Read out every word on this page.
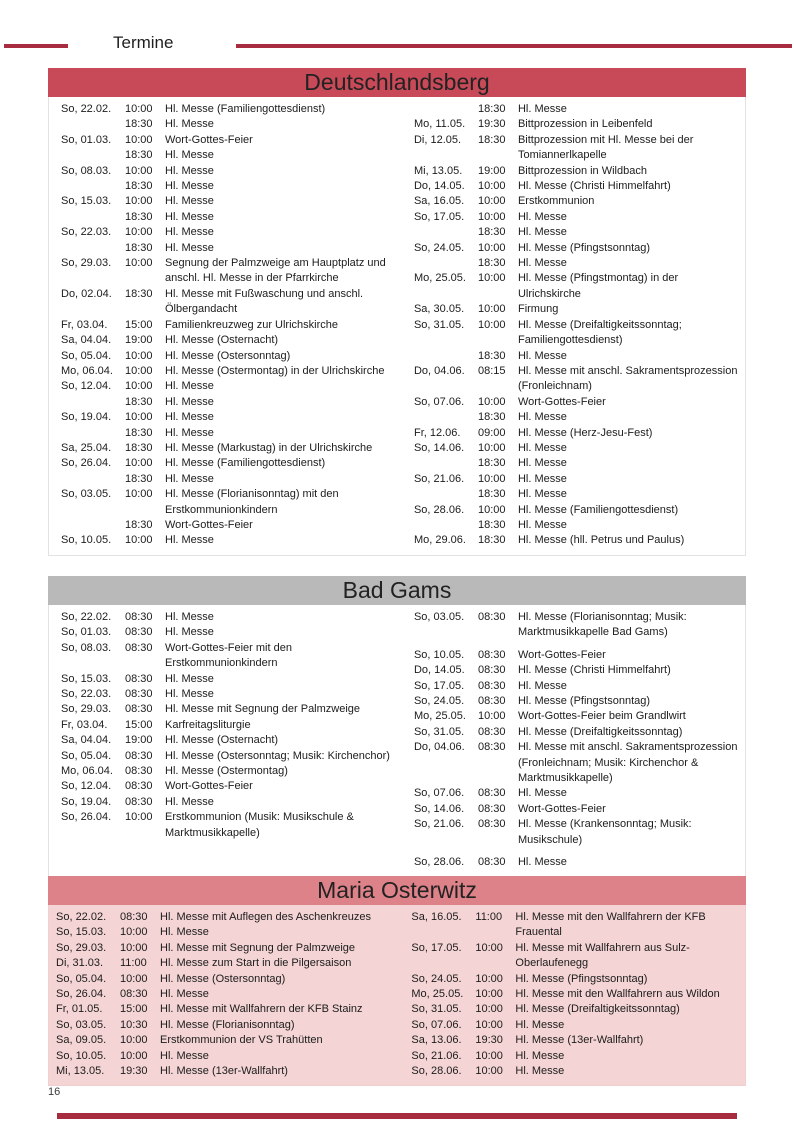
Termine
Deutschlandsberg
So, 22.02.	10:00	Hl. Messe (Familiengottesdienst)
18:30	Hl. Messe
So, 01.03.	10:00	Wort-Gottes-Feier
18:30	Hl. Messe
So, 08.03.	10:00	Hl. Messe
18:30	Hl. Messe
So, 15.03.	10:00	Hl. Messe
18:30	Hl. Messe
So, 22.03.	10:00	Hl. Messe
18:30	Hl. Messe
So, 29.03.	10:00	Segnung der Palmzweige am Hauptplatz und anschl. Hl. Messe in der Pfarrkirche
Do, 02.04.	18:30	Hl. Messe mit Fußwaschung und anschl. Ölbergandacht
Fr, 03.04.	15:00	Familienkreuzweg zur Ulrichskirche
Sa, 04.04.	19:00	Hl. Messe (Osternacht)
So, 05.04.	10:00	Hl. Messe (Ostersonntag)
Mo, 06.04.	10:00	Hl. Messe (Ostermontag) in der Ulrichskirche
So, 12.04.	10:00	Hl. Messe
18:30	Hl. Messe
So, 19.04.	10:00	Hl. Messe
18:30	Hl. Messe
Sa, 25.04.	18:30	Hl. Messe (Markustag) in der Ulrichskirche
So, 26.04.	10:00	Hl. Messe (Familiengottesdienst)
18:30	Hl. Messe
So, 03.05.	10:00	Hl. Messe (Florianisonntag) mit den Erstkommunionkindern
18:30	Wort-Gottes-Feier
So, 10.05.	10:00	Hl. Messe
18:30	Hl. Messe
Mo, 11.05.	19:30	Bittprozession in Leibenfeld
Di, 12.05.	18:30	Bittprozession mit Hl. Messe bei der Tomiannerlkapelle
Mi, 13.05.	19:00	Bittprozession in Wildbach
Do, 14.05.	10:00	Hl. Messe (Christi Himmelfahrt)
Sa, 16.05.	10:00	Erstkommunion
So, 17.05.	10:00	Hl. Messe
18:30	Hl. Messe
So, 24.05.	10:00	Hl. Messe (Pfingstsonntag)
18:30	Hl. Messe
Mo, 25.05.	10:00	Hl. Messe (Pfingstmontag) in der Ulrichskirche
Sa, 30.05.	10:00	Firmung
So, 31.05.	10:00	Hl. Messe (Dreifaltigkeitssonntag; Familiengottesdienst)
18:30	Hl. Messe
Do, 04.06.	08:15	Hl. Messe mit anschl. Sakramentsprozession (Fronleichnam)
So, 07.06.	10:00	Wort-Gottes-Feier
18:30	Hl. Messe
Fr, 12.06.	09:00	Hl. Messe (Herz-Jesu-Fest)
So, 14.06.	10:00	Hl. Messe
18:30	Hl. Messe
So, 21.06.	10:00	Hl. Messe
18:30	Hl. Messe
So, 28.06.	10:00	Hl. Messe (Familiengottesdienst)
18:30	Hl. Messe
Mo, 29.06.	18:30	Hl. Messe (hll. Petrus und Paulus)
Bad Gams
So, 22.02.	08:30	Hl. Messe
So, 01.03.	08:30	Hl. Messe
So, 08.03.	08:30	Wort-Gottes-Feier mit den Erstkommunionkindern
So, 15.03.	08:30	Hl. Messe
So, 22.03.	08:30	Hl. Messe
So, 29.03.	08:30	Hl. Messe mit Segnung der Palmzweige
Fr, 03.04.	15:00	Karfreitagsliturgie
Sa, 04.04.	19:00	Hl. Messe (Osternacht)
So, 05.04.	08:30	Hl. Messe (Ostersonntag; Musik: Kirchenchor)
Mo, 06.04.	08:30	Hl. Messe (Ostermontag)
So, 12.04.	08:30	Wort-Gottes-Feier
So, 19.04.	08:30	Hl. Messe
So, 26.04.	10:00	Erstkommunion (Musik: Musikschule & Marktmusikkapelle)
So, 03.05.	08:30	Hl. Messe (Florianisonntag; Musik: Marktmusikkapelle Bad Gams)
So, 10.05.	08:30	Wort-Gottes-Feier
Do, 14.05.	08:30	Hl. Messe (Christi Himmelfahrt)
So, 17.05.	08:30	Hl. Messe
So, 24.05.	08:30	Hl. Messe (Pfingstsonntag)
Mo, 25.05.	10:00	Wort-Gottes-Feier beim Grandlwirt
So, 31.05.	08:30	Hl. Messe (Dreifaltigkeitssonntag)
Do, 04.06.	08:30	Hl. Messe mit anschl. Sakramentsprozession (Fronleichnam; Musik: Kirchenchor & Marktmusikkapelle)
So, 07.06.	08:30	Hl. Messe
So, 14.06.	08:30	Wort-Gottes-Feier
So, 21.06.	08:30	Hl. Messe (Krankensonntag; Musik: Musikschule)
So, 28.06.	08:30	Hl. Messe
Maria Osterwitz
So, 22.02.	08:30	Hl. Messe mit Auflegen des Aschenkreuzes
So, 15.03.	10:00	Hl. Messe
So, 29.03.	10:00	Hl. Messe mit Segnung der Palmzweige
Di, 31.03.	11:00	Hl. Messe zum Start in die Pilgersaison
So, 05.04.	10:00	Hl. Messe (Ostersonntag)
So, 26.04.	08:30	Hl. Messe
Fr, 01.05.	15:00	Hl. Messe mit Wallfahrern der KFB Stainz
So, 03.05.	10:30	Hl. Messe (Florianisonntag)
Sa, 09.05.	10:00	Erstkommunion der VS Trahütten
So, 10.05.	10:00	Hl. Messe
Mi, 13.05.	19:30	Hl. Messe (13er-Wallfahrt)
Sa, 16.05.	11:00	Hl. Messe mit den Wallfahrern der KFB Frauental
So, 17.05.	10:00	Hl. Messe mit Wallfahrern aus Sulz-Oberlaufenegg
So, 24.05.	10:00	Hl. Messe (Pfingstsonntag)
Mo, 25.05.	10:00	Hl. Messe mit den Wallfahrern aus Wildon
So, 31.05.	10:00	Hl. Messe (Dreifaltigkeitssonntag)
So, 07.06.	10:00	Hl. Messe
Sa, 13.06.	19:30	Hl. Messe (13er-Wallfahrt)
So, 21.06.	10:00	Hl. Messe
So, 28.06.	10:00	Hl. Messe
16
